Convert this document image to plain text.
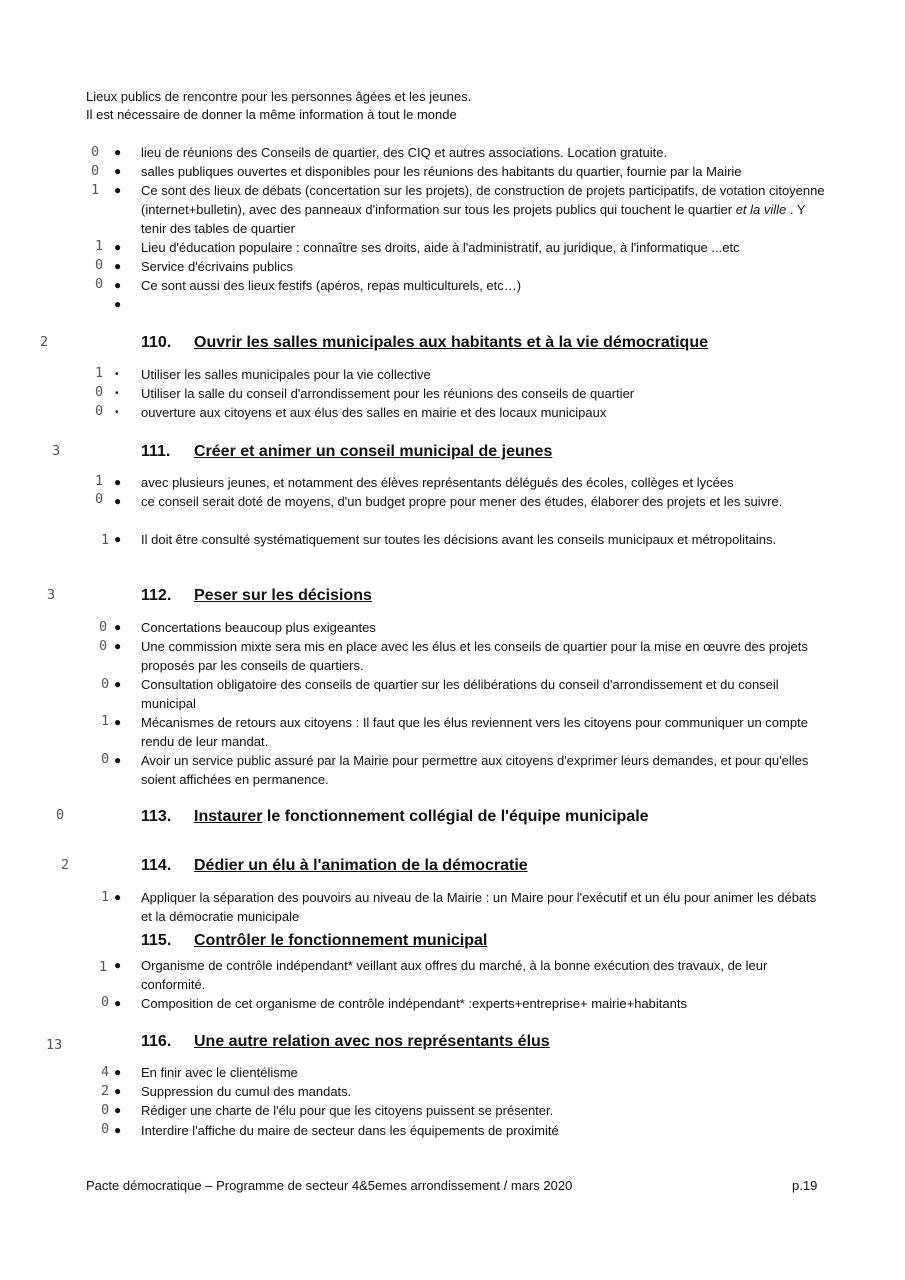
Lieux publics de rencontre pour les personnes âgées et les jeunes.
Il est nécessaire de donner la même information à tout le monde
0 ● lieu de réunions des Conseils de quartier, des CIQ et autres associations. Location gratuite.
0 ● salles publiques ouvertes et disponibles pour les réunions des habitants du quartier, fournie par la Mairie
1 ● Ce sont des lieux de débats (concertation sur les projets), de construction de projets participatifs, de votation citoyenne (internet+bulletin), avec des panneaux d'information sur tous les projets publics qui touchent le quartier et la ville . Y tenir des tables de quartier
1 ● Lieu d'éducation populaire : connaître ses droits, aide à l'administratif, au juridique, à l'informatique ...etc
0 ● Service d'écrivains publics
0 ● Ce sont aussi des lieux festifs (apéros, repas multiculturels, etc…)
●
2	110. Ouvrir les salles municipales aux habitants et à la vie démocratique
1 • Utiliser les salles municipales pour la vie collective
0 • Utiliser la salle du conseil d'arrondissement pour les réunions des conseils de quartier
0 • ouverture aux citoyens et aux élus des salles en mairie et des locaux municipaux
3	111. Créer et animer un conseil municipal de jeunes
1 ● avec plusieurs jeunes, et notamment des élèves représentants délégués des écoles, collèges et lycées
0 ● ce conseil serait doté de moyens, d'un budget propre pour mener des études, élaborer des projets et les suivre.
1 ● Il doit être consulté systématiquement sur toutes les décisions avant les conseils municipaux et métropolitains.
3	112. Peser sur les décisions
0 ● Concertations beaucoup plus exigeantes
0 ● Une commission mixte sera mis en place avec les élus et les conseils de quartier pour la mise en œuvre des projets proposés par les conseils de quartiers.
0 ● Consultation obligatoire des conseils de quartier sur les délibérations du conseil d'arrondissement et du conseil municipal
1 ● Mécanismes de retours aux citoyens : Il faut que les élus reviennent vers les citoyens pour communiquer un compte rendu de leur mandat.
0 ● Avoir un service public assuré par la Mairie pour permettre aux citoyens d'exprimer leurs demandes, et pour qu'elles soient affichées en permanence.
0	113. Instaurer le fonctionnement collégial de l'équipe municipale
2	114. Dédier un élu à l'animation de la démocratie
1 ● Appliquer la séparation des pouvoirs au niveau de la Mairie : un Maire pour l'exécutif et un élu pour animer les débats et la démocratie municipale
115. Contrôler le fonctionnement municipal
1 ● Organisme de contrôle indépendant* veillant aux offres du marché, à la bonne exécution des travaux, de leur conformité.
0 ● Composition de cet organisme de contrôle indépendant* :experts+entreprise+ mairie+habitants
13	116. Une autre relation avec nos représentants élus
4 ● En finir avec le clientélisme
2 ● Suppression du cumul des mandats.
0 ● Rédiger une charte de l'élu pour que les citoyens puissent se présenter.
0 ● Interdire l'affiche du maire de secteur dans les équipements de proximité
Pacte démocratique – Programme de secteur 4&5emes arrondissement / mars 2020	p.19
